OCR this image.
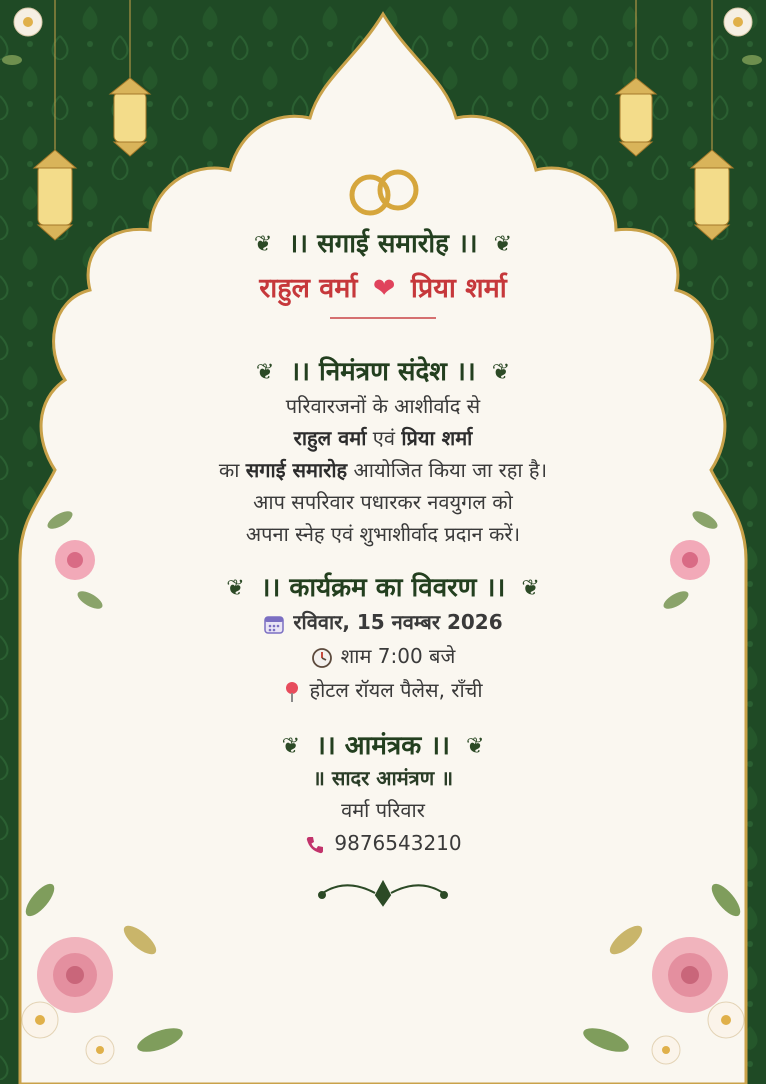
❦ ।। सगाई समारोह ।। ❦
राहुल वर्मा ❤ प्रिया शर्मा
❦ ।। निमंत्रण संदेश ।। ❦
परिवारजनों के आशीर्वाद से
राहुल वर्मा एवं प्रिया शर्मा
का सगाई समारोह आयोजित किया जा रहा है।
आप सपरिवार पधारकर नवयुगल को
अपना स्नेह एवं शुभाशीर्वाद प्रदान करें।
❦ ।। कार्यक्रम का विवरण ।। ❦
रविवार, 15 नवम्बर 2026
शाम 7:00 बजे
होटल रॉयल पैलेस, राँची
❦ ।। आमंत्रक ।। ❦
॥ सादर आमंत्रण ॥
वर्मा परिवार
9876543210
